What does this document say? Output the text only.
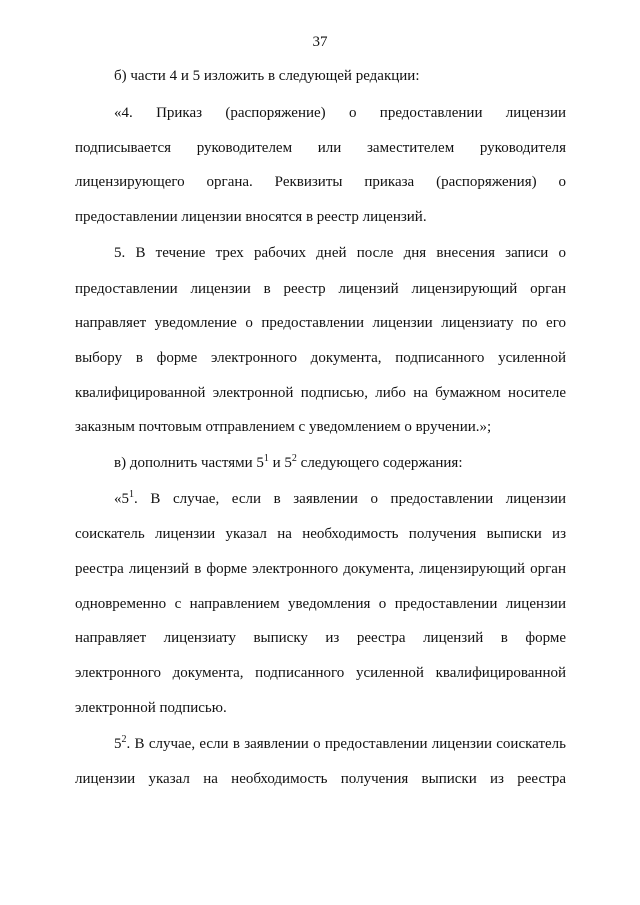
37
б) части 4 и 5 изложить в следующей редакции:
«4. Приказ (распоряжение) о предоставлении лицензии
подписывается руководителем или заместителем руководителя
лицензирующего органа. Реквизиты приказа (распоряжения) о
предоставлении лицензии вносятся в реестр лицензий.
5. В течение трех рабочих дней после дня внесения записи о
предоставлении лицензии в реестр лицензий лицензирующий орган
направляет уведомление о предоставлении лицензии лицензиату по его
выбору в форме электронного документа, подписанного усиленной
квалифицированной электронной подписью, либо на бумажном носителе
заказным почтовым отправлением с уведомлением о вручении.»;
в) дополнить частями $5^1$ и $5^2$ следующего содержания:
«$5^1$. В случае, если в заявлении о предоставлении лицензии
соискатель лицензии указал на необходимость получения выписки из
реестра лицензий в форме электронного документа, лицензирующий орган
одновременно с направлением уведомления о предоставлении лицензии
направляет лицензиату выписку из реестра лицензий в форме
электронного документа, подписанного усиленной квалифицированной
электронной подписью.
$5^2$. В случае, если в заявлении о предоставлении лицензии соискатель
лицензии указал на необходимость получения выписки из реестра
